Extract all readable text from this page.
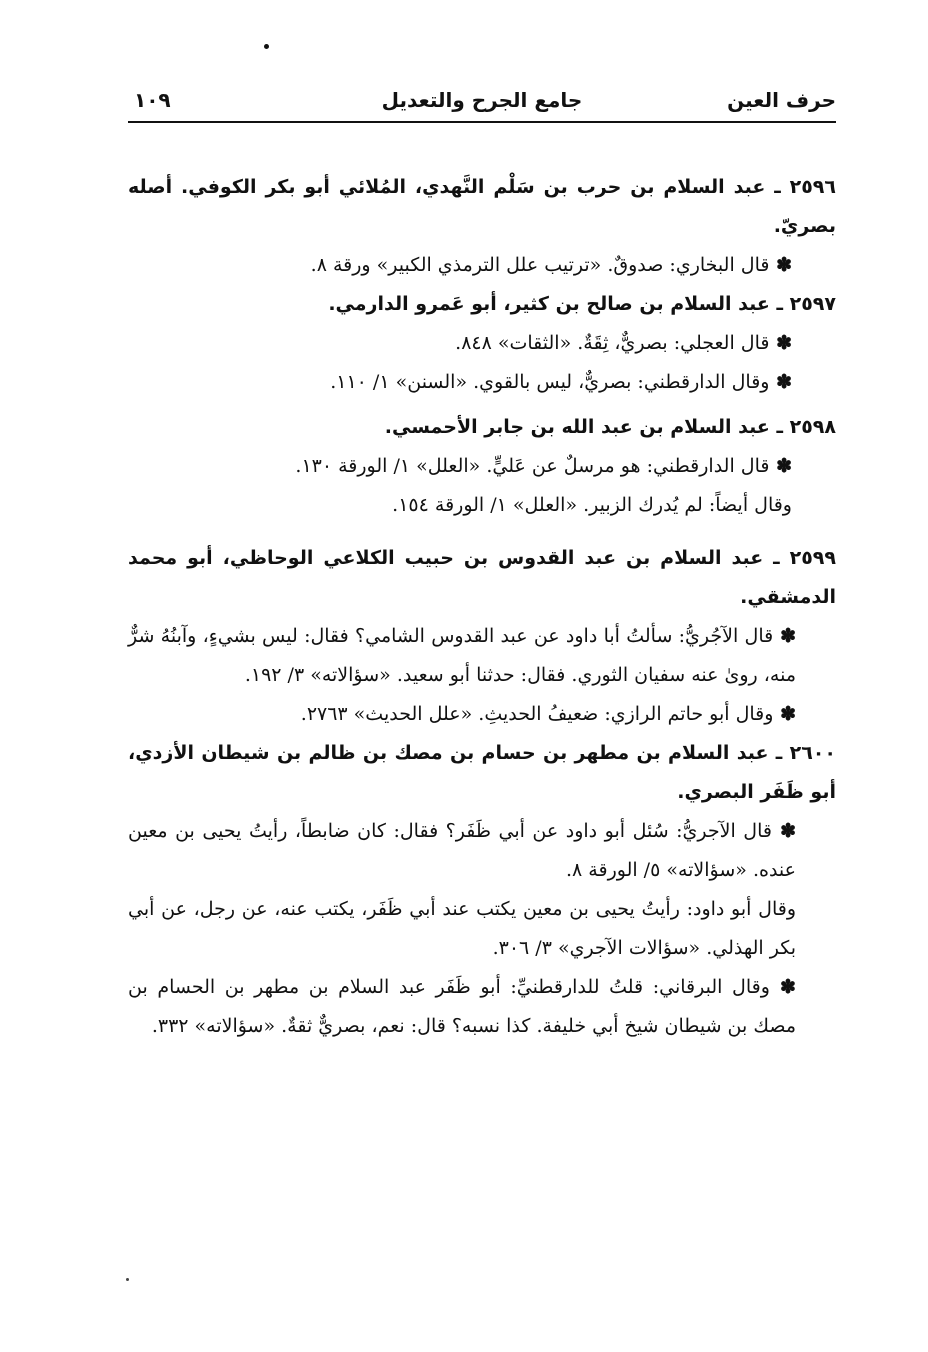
حرف العين
جامع الجرح والتعديل
١٠٩

٢٥٩٦ ـ عبد السلام بن حرب بن سَلْم النَّهدي، المُلائي أبو بكر الكوفي. أصله بصريّ.

✽ قال البخاري: صدوقٌ. «ترتيب علل الترمذي الكبير» ورقة ٨.

٢٥٩٧ ـ عبد السلام بن صالح بن كثير، أبو عَمرو الدارمي.

✽ قال العجلي: بصريٌّ، ثِقَةٌ. «الثقات» ٨٤٨.

✽ وقال الدارقطني: بصريٌّ، ليس بالقوي. «السنن» ١/ ١١٠.

٢٥٩٨ ـ عبد السلام بن عبد الله بن جابر الأحمسي.

✽ قال الدارقطني: هو مرسلٌ عن عَليٍّ. «العلل» ١/ الورقة ١٣٠.

وقال أيضاً: لم يُدرك الزبير. «العلل» ١/ الورقة ١٥٤.

٢٥٩٩ ـ عبد السلام بن عبد القدوس بن حبيب الكلاعي الوحاظي، أبو محمد الدمشقي.

✽ قال الآجُريُّ: سألتُ أبا داود عن عبد القدوس الشامي؟ فقال: ليس بشيءٍ، وآبنُهُ شرٌّ منه، روىٰ عنه سفيان الثوري. فقال: حدثنا أبو سعيد. «سؤالاته» ٣/ ١٩٢.

✽ وقال أبو حاتم الرازي: ضعيفُ الحديثِ. «علل الحديث» ٢٧٦٣.

٢٦٠٠ ـ عبد السلام بن مطهر بن حسام بن مصك بن ظالم بن شيطان الأزدي، أبو ظَفَر البصري.

✽ قال الآجريُّ: سُئل أبو داود عن أبي ظَفَر؟ فقال: كان ضابطاً، رأيتُ يحيى بن معين عنده. «سؤالاته» ٥/ الورقة ٨.

وقال أبو داود: رأيتُ يحيى بن معين يكتب عند أبي ظَفَر، يكتب عنه، عن رجل، عن أبي بكر الهذلي. «سؤالات الآجري» ٣/ ٣٠٦.

✽ وقال البرقاني: قلتُ للدارقطنيِّ: أبو ظَفَر عبد السلام بن مطهر بن الحسام بن مصك بن شيطان شيخ أبي خليفة. كذا نسبه؟ قال: نعم، بصريٌّ ثقةٌ. «سؤالاته» ٣٣٢.
